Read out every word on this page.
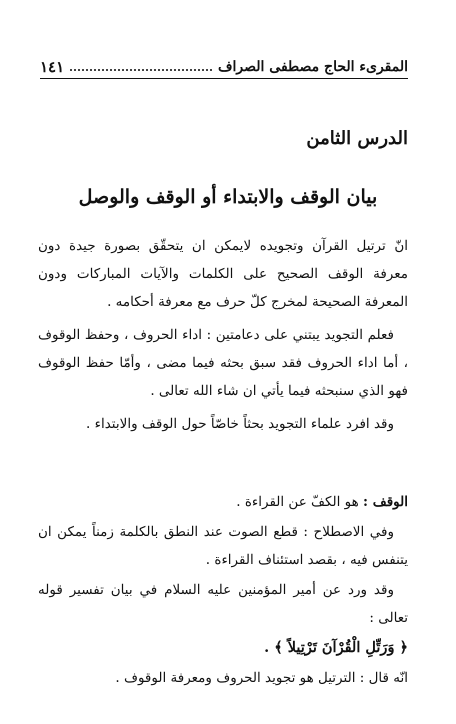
المقرىء الحاج مصطفى الصراف
١٤١
الدرس الثامن
بيان الوقف والابتداء أو الوقف والوصل

انّ ترتيل القرآن وتجويده لايمكن ان يتحقّق بصورة جيدة دون معرفة الوقف الصحيح على الكلمات والآيات المباركات ودون المعرفة الصحيحة لمخرج كلّ حرف مع معرفة أحكامه .

فعلم التجويد يبتني على دعامتين : اداء الحروف ، وحفظ الوقوف ، أما اداء الحروف فقد سبق بحثه فيما مضى ، وأمّا حفظ الوقوف فهو الذي سنبحثه فيما يأتي ان شاء الله تعالى .

وقد افرد علماء التجويد بحثاً خاصّاً حول الوقف والابتداء .

الوقف : هو الكفّ عن القراءة .

وفي الاصطلاح : قطع الصوت عند النطق بالكلمة زمناً يمكن ان يتنفس فيه ، بقصد استئناف القراءة .

وقد ورد عن أمير المؤمنين عليه السلام في بيان تفسير قوله تعالى :

﴿ وَرَتِّلِ الْقُرْآنَ تَرْتِيلاً ﴾ .

انّه قال : الترتيل هو تجويد الحروف ومعرفة الوقوف .
